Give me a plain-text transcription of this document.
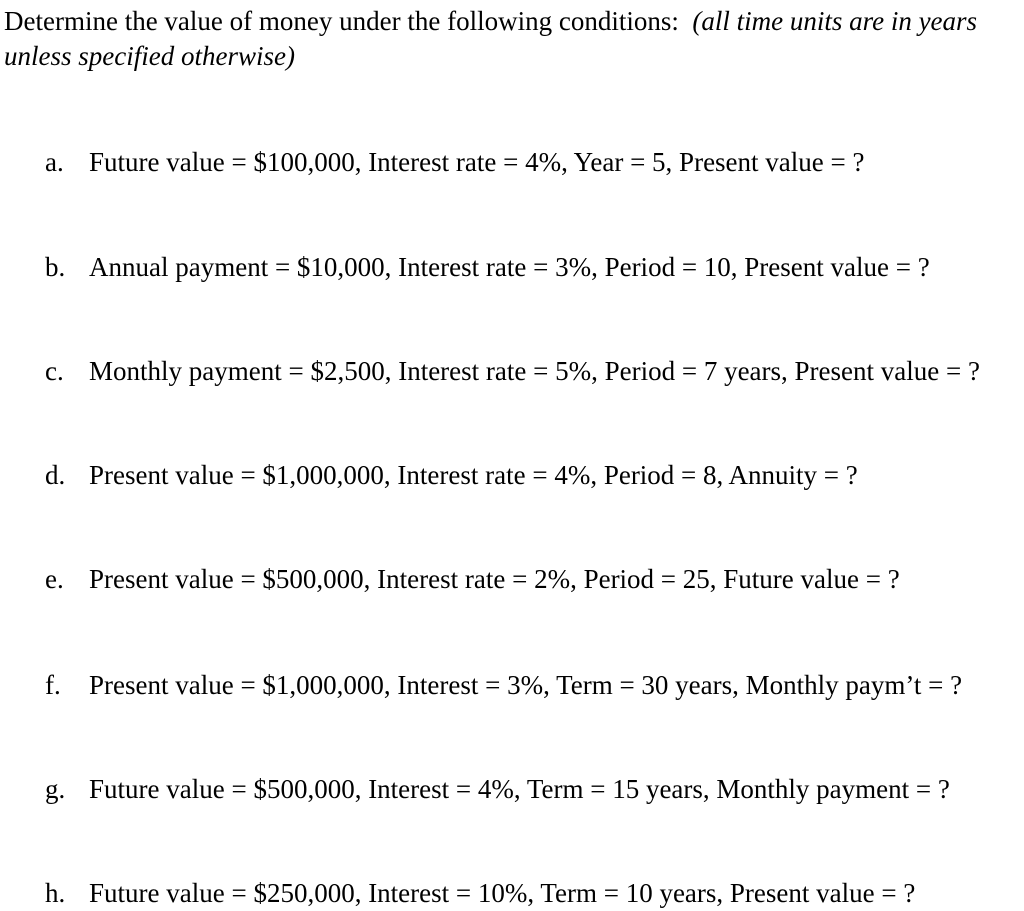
Determine the value of money under the following conditions: (all time units are in years unless specified otherwise)
a. Future value = $100,000, Interest rate = 4%, Year = 5, Present value = ?
b. Annual payment = $10,000, Interest rate = 3%, Period = 10, Present value = ?
c. Monthly payment = $2,500, Interest rate = 5%, Period = 7 years, Present value = ?
d. Present value = $1,000,000, Interest rate = 4%, Period = 8, Annuity = ?
e. Present value = $500,000, Interest rate = 2%, Period = 25, Future value = ?
f. Present value = $1,000,000, Interest = 3%, Term = 30 years, Monthly paym’t = ?
g. Future value = $500,000, Interest = 4%, Term = 15 years, Monthly payment = ?
h. Future value = $250,000, Interest = 10%, Term = 10 years, Present value = ?
